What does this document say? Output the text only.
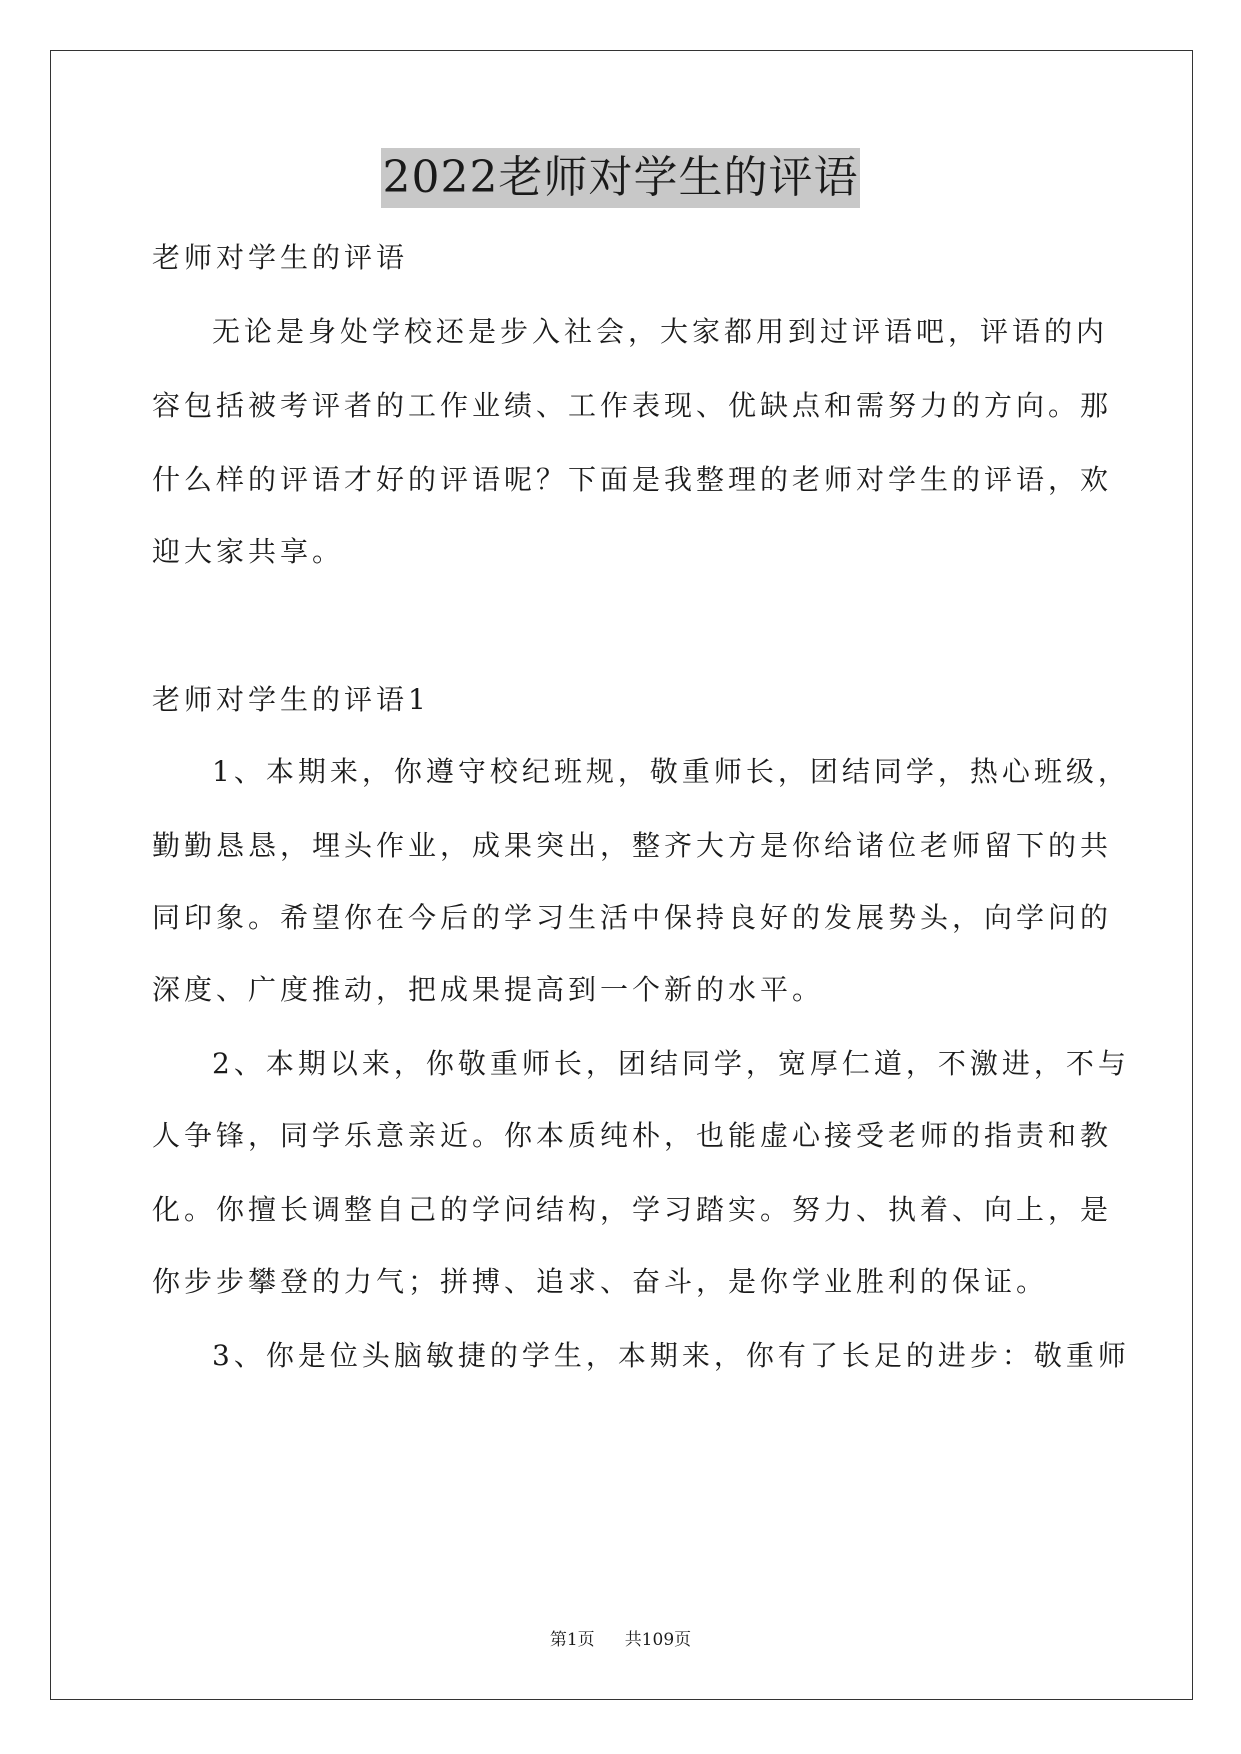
2022老师对学生的评语
老师对学生的评语
无论是身处学校还是步入社会，大家都用到过评语吧，评语的内
容包括被考评者的工作业绩、工作表现、优缺点和需努力的方向。那
什么样的评语才好的评语呢？下面是我整理的老师对学生的评语，欢
迎大家共享。
老师对学生的评语1
1、本期来，你遵守校纪班规，敬重师长，团结同学，热心班级，
勤勤恳恳，埋头作业，成果突出，整齐大方是你给诸位老师留下的共
同印象。希望你在今后的学习生活中保持良好的发展势头，向学问的
深度、广度推动，把成果提高到一个新的水平。
2、本期以来，你敬重师长，团结同学，宽厚仁道，不激进，不与
人争锋，同学乐意亲近。你本质纯朴，也能虚心接受老师的指责和教
化。你擅长调整自己的学问结构，学习踏实。努力、执着、向上，是
你步步攀登的力气；拼搏、追求、奋斗，是你学业胜利的保证。
3、你是位头脑敏捷的学生，本期来，你有了长足的进步：敬重师
第1页 共109页
